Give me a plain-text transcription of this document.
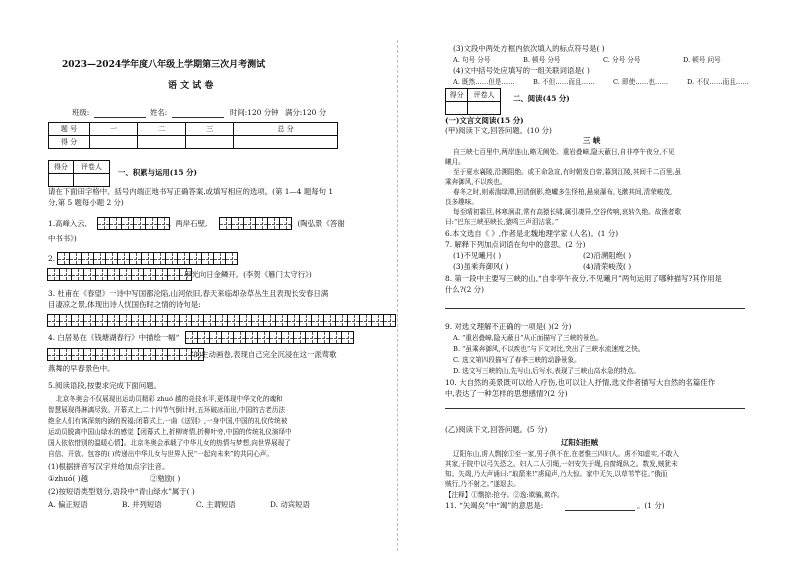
2023—2024学年度八年级上学期第三次月考测试
语 文 试 卷
班级:	姓名:	时间:120 分钟 满分:120 分
题 号	一	二	三	总 分
得 分				
得分	评卷人

一、积累与运用(15 分)
请在下面田字格中、括号内端正地书写正确答案,或填写相应的选项。(第 1—4 题每句 1
分,第 5 题每小题 2 分)
1.高峰入云,	。两岸石壁,	。(陶弘景《答谢
中书书》)
2.
甲光向日金鳞开。(李贺《雁门太守行》)
3. 杜甫在《春望》一诗中写国都沦陷,山河依旧,春天来临却杂草丛生且表现长安春日满
目凄凉之景,体现出诗人忧国伤时之情的诗句是:
4. 白居易在《钱塘湖春行》中描绘一幅“
”的生动画卷,表现自己完全沉浸在这一派莺歌
燕舞的早春景色中。
5.阅读语段,按要求完成下面问题。
北京冬奥会不仅展现出运动员精彩 zhuó 越的竞技水平,更体现中华文化的魂和
智慧展现得淋漓尽致。开幕式上,二十四节气倒计时,五环破冰而出,中国的古老历法
绝全人们有寓深刻内涵的祝福;闭幕式上,一曲《送别》,一身中国,中国的礼仪传统被
运动员脱离中国山绿水的感觉【闭幕式上,折柳寄情,折柳叶旁,中国的传统礼仪演绎中
国人依依惜别的温暖心情】。北京冬奥会承载了中华儿女的热情与梦想,向世界展现了
自信、开放、包容的( )传递出中华儿女与世界人民“一起向未来”的共同心声。
(1)根据拼音写汉字并给加点字注音。
①zhuó( )越	②勉励( )
(2)按短语类型划分,语段中“青山绿水”属于( )
A. 偏正短语	B. 并列短语	C. 主谓短语	D. 动宾短语
(3)文段中两处方框内依次填入的标点符号是( )
A. 句号 分号	B. 顿号 分号	C. 分号 分号	D. 顿号 问号
(4)文中括号处应填写的一组关联词语是( )
A. 既然……但是……	B. 不但……而且……	C. 即使……也……	D. 不仅……而且……
得分	评卷人
	二、阅读(45 分)
(一)文言文阅读(15 分)
(甲)阅读下文,回答问题。(10 分)
三 峡
自三峡七百里中,两岸连山,略无阙处。重岩叠嶂,隐天蔽日,自非亭午夜分,不见
曦月。
至于夏水襄陵,沿溯阻绝。或王命急宣,有时朝发白帝,暮到江陵,其间千二百里,虽
乘奔御风,不以疾也。
春冬之时,则素湍绿潭,回清倒影,绝巘多生怪柏,悬泉瀑布,飞漱其间,清荣峻茂,
良多趣味。
每至晴初霜旦,林寒涧肃,常有高猿长啸,属引凄异,空谷传响,哀转久绝。故渔者歌
曰:“巴东三峡巫峡长,猿鸣三声泪沾裳。”
6.本文选自《 》,作者是北魏地理学家 (人名)。(1 分)
7. 解释下列加点词语在句中的意思。(2 分)
(1)不见曦月( )	(2)沿溯阻绝( )
(3)虽乘奔御风( )	(4)清荣峻茂( )
8. 第一段中主要写三峡的山,“自非亭午夜分,不见曦月”两句运用了哪种描写?其作用是
什么?(2 分)
9. 对选文理解不正确的一项是( )(2 分)
A. “重岩叠嶂,隐天蔽日”从正面描写了三峡的景色。
B. “虽乘奔御风,不以疾也”与下文对比,突出了三峡水流速度之快。
C. 选文第四段描写了春季三峡的动静景象。
D. 选文写三峡的山,先写山,后写水,表现了三峡山高水急的特点。
10. 大自然的美景既可以给人疗伤,也可以让人抒情,选文作者描写大自然的名篇佳作
中,表达了一种怎样的思想感情?(2 分)
(乙)阅读下文,回答问题。(5 分)
辽阳妇拒贼
辽阳东山,虏人剽掠①至一家,男子俱不在,在者惟三四妇人。虏不知虚实,不敢入
其家,于院中以弓矢恐之。妇人二人引绳,一妇安矢于绳,自窗绳纵之。数发,贼犹未
知。矢竭,乃大声诵曰:“取箭来!”虏闻声,乃大惊。家中无矢,以草苇竿往。”俄而
贼行,乃不射之。”遂退去。
【注释】①剽掠:抢夺。②逸:欺骗,欺诈。
11. “矢竭矣”中“竭”的意思是:	。(1 分)
